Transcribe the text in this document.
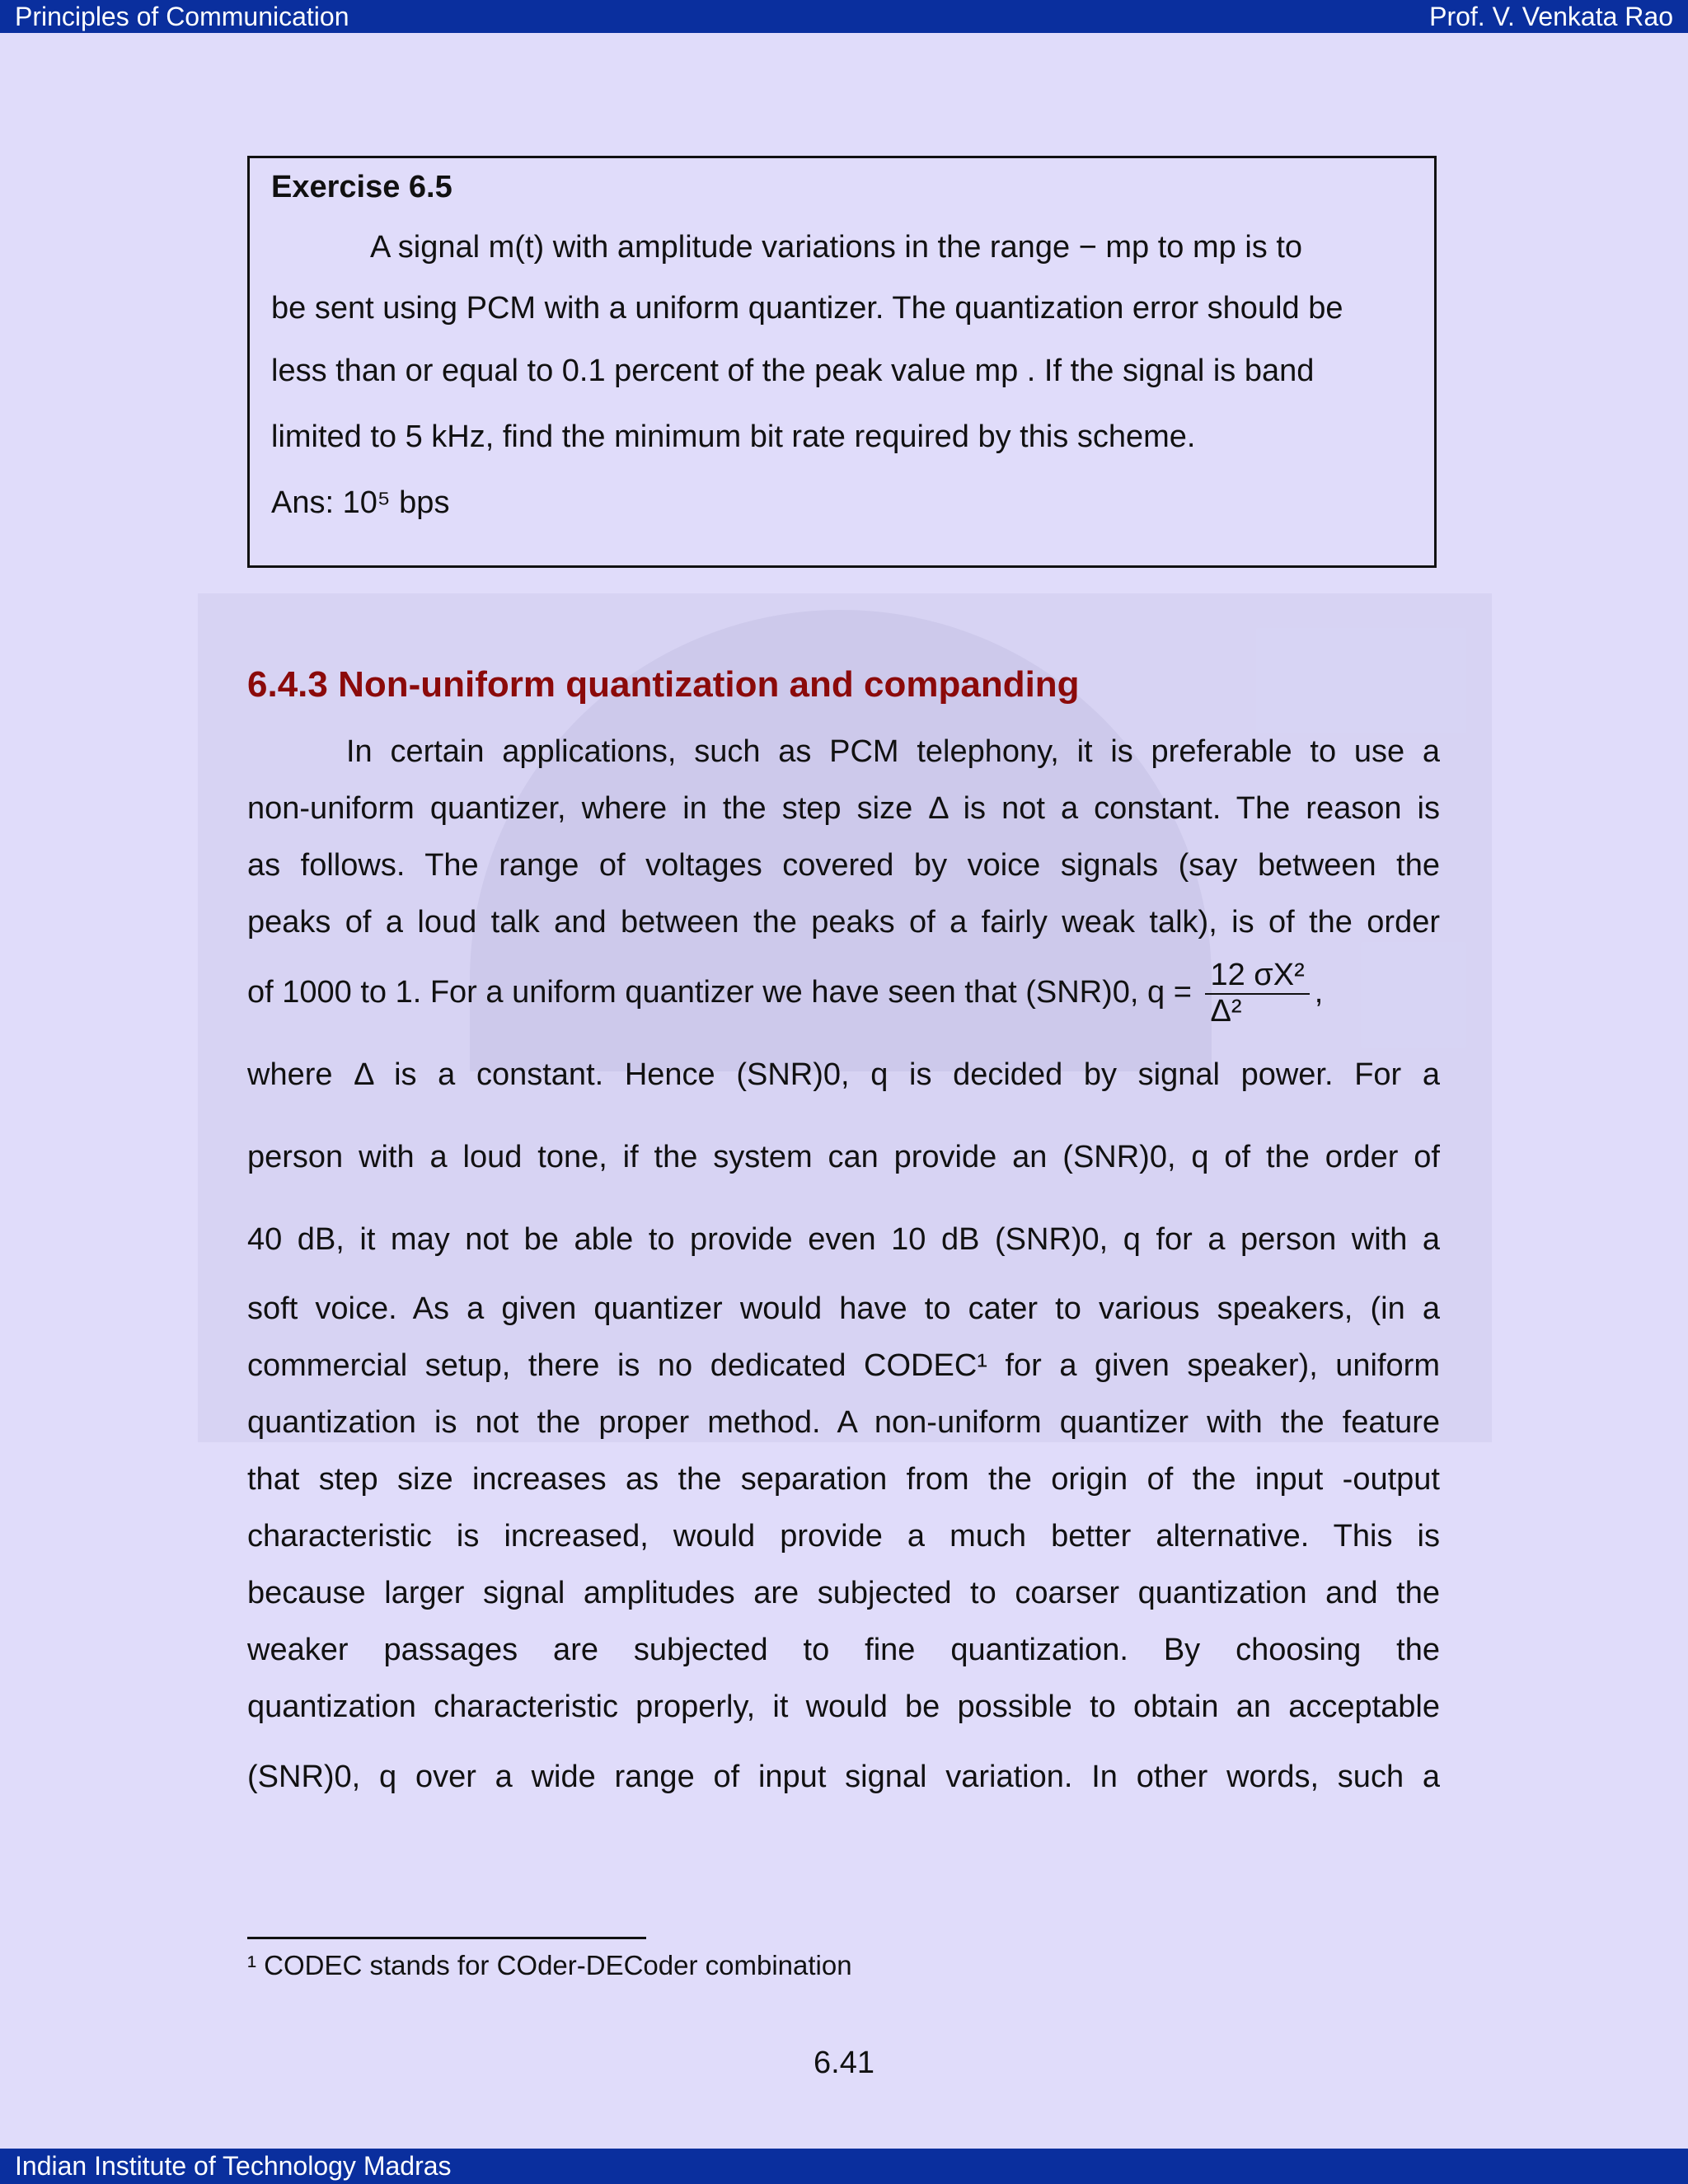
Principles of Communication	Prof. V. Venkata Rao

Exercise 6.5

A signal m(t) with amplitude variations in the range − mp to mp is to

be sent using PCM with a uniform quantizer. The quantization error should be

less than or equal to 0.1 percent of the peak value mp . If the signal is band

limited to 5 kHz, find the minimum bit rate required by this scheme.

Ans: 10⁵ bps

6.4.3 Non-uniform quantization and companding

In certain applications, such as PCM telephony, it is preferable to use a
non-uniform quantizer, where in the step size Δ is not a constant. The reason is
as follows. The range of voltages covered by voice signals (say between the
peaks of a loud talk and between the peaks of a fairly weak talk), is of the order
of 1000 to 1. For a uniform quantizer we have seen that (SNR)0, $q = \frac{\text{12 σX²}}{\text{Δ²}}$ ,
where Δ is a constant. Hence (SNR)0, q is decided by signal power. For a
person with a loud tone, if the system can provide an (SNR)0, q of the order of
40 dB, it may not be able to provide even 10 dB (SNR)0, q for a person with a
soft voice. As a given quantizer would have to cater to various speakers, (in a
commercial setup, there is no dedicated CODEC¹ for a given speaker), uniform
quantization is not the proper method. A non-uniform quantizer with the feature
that step size increases as the separation from the origin of the input -output
characteristic is increased, would provide a much better alternative. This is
because larger signal amplitudes are subjected to coarser quantization and the
weaker passages are subjected to fine quantization. By choosing the
quantization characteristic properly, it would be possible to obtain an acceptable
(SNR)0, q over a wide range of input signal variation. In other words, such a

¹ CODEC stands for COder-DECoder combination
6.41
Indian Institute of Technology Madras
